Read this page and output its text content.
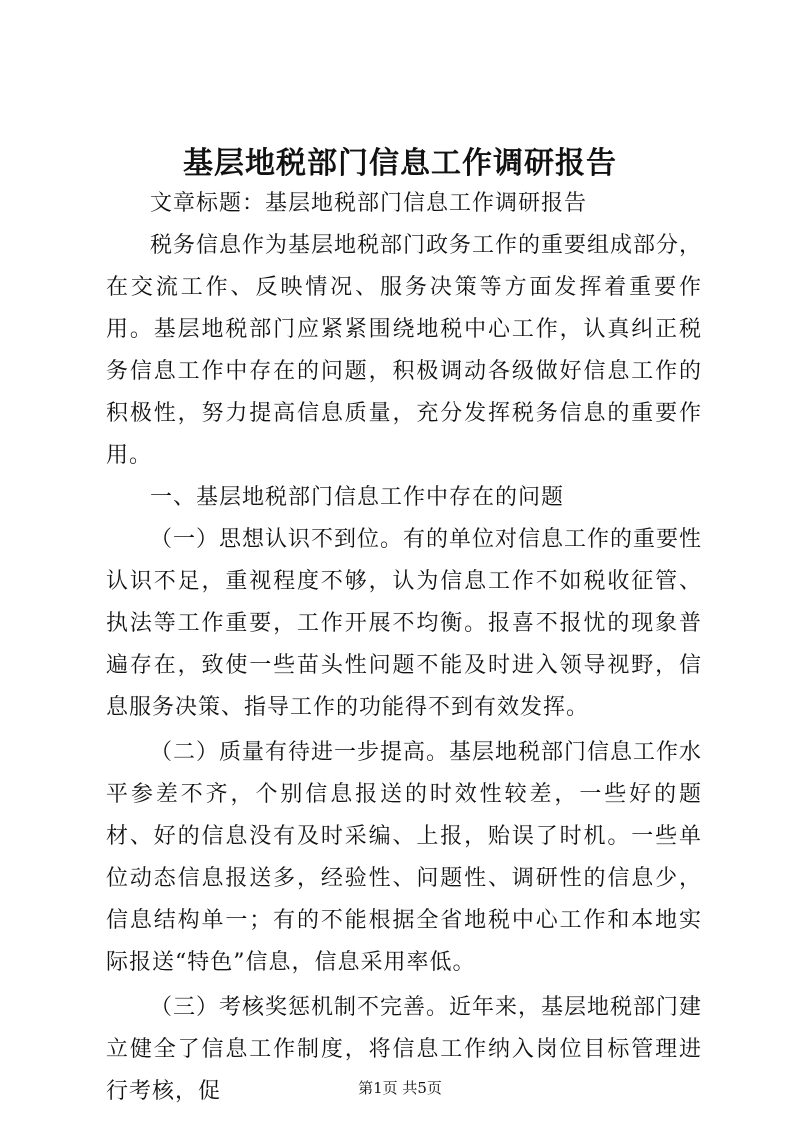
基层地税部门信息工作调研报告

文章标题：基层地税部门信息工作调研报告

税务信息作为基层地税部门政务工作的重要组成部分，在交流工作、反映情况、服务决策等方面发挥着重要作用。基层地税部门应紧紧围绕地税中心工作，认真纠正税务信息工作中存在的问题，积极调动各级做好信息工作的积极性，努力提高信息质量，充分发挥税务信息的重要作用。

一、基层地税部门信息工作中存在的问题

（一）思想认识不到位。有的单位对信息工作的重要性认识不足，重视程度不够，认为信息工作不如税收征管、执法等工作重要，工作开展不均衡。报喜不报忧的现象普遍存在，致使一些苗头性问题不能及时进入领导视野，信息服务决策、指导工作的功能得不到有效发挥。

（二）质量有待进一步提高。基层地税部门信息工作水平参差不齐，个别信息报送的时效性较差，一些好的题材、好的信息没有及时采编、上报，贻误了时机。一些单位动态信息报送多，经验性、问题性、调研性的信息少，信息结构单一；有的不能根据全省地税中心工作和本地实际报送“特色”信息，信息采用率低。

（三）考核奖惩机制不完善。近年来，基层地税部门建立健全了信息工作制度，将信息工作纳入岗位目标管理进行考核，促	第1页 共5页
